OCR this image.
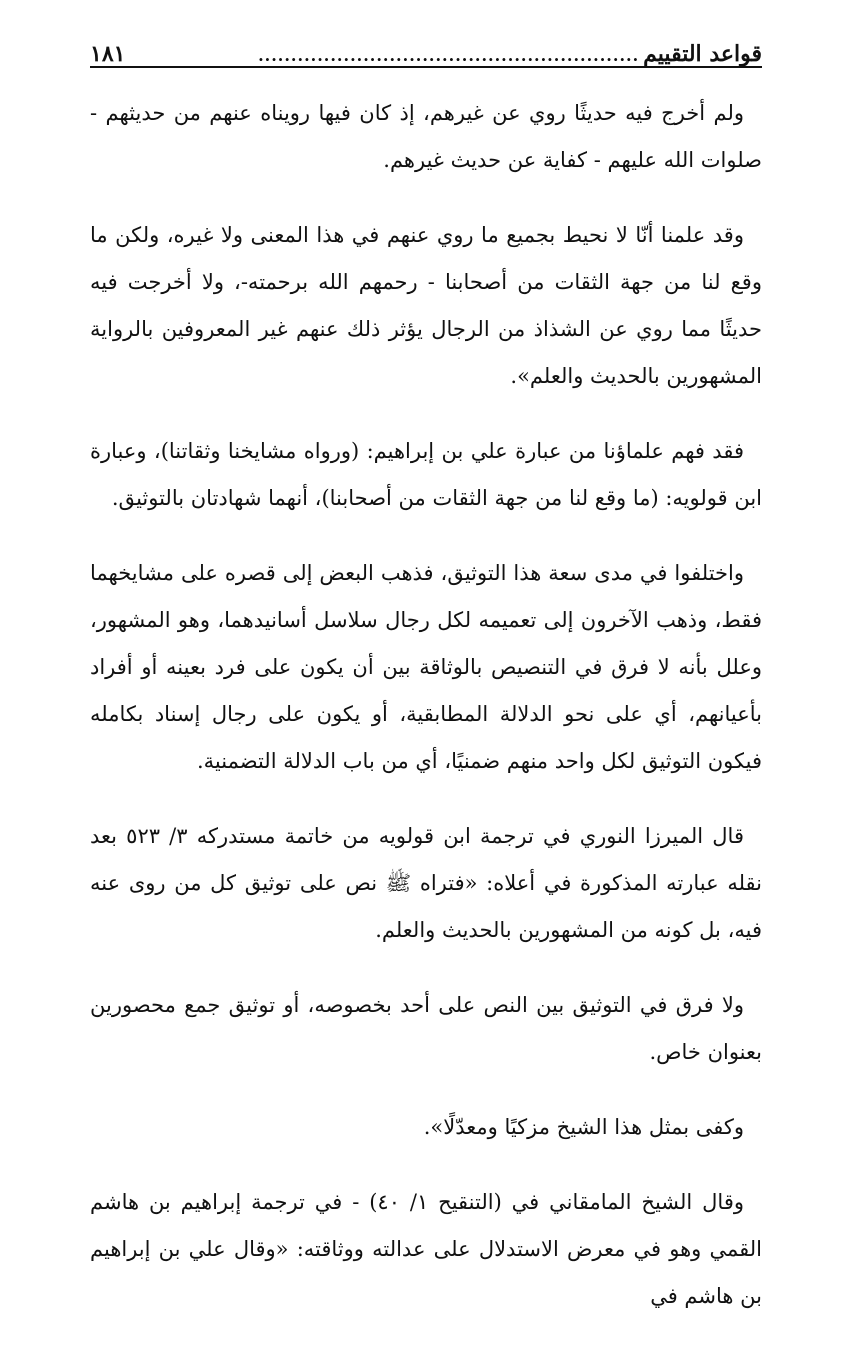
قواعد التقييم
..........................................................
١٨١

ولم أخرج فيه حديثًا روي عن غيرهم، إذ كان فيها رويناه عنهم من حديثهم - صلوات الله عليهم - كفاية عن حديث غيرهم.

وقد علمنا أنّا لا نحيط بجميع ما روي عنهم في هذا المعنى ولا غيره، ولكن ما وقع لنا من جهة الثقات من أصحابنا - رحمهم الله برحمته-، ولا أخرجت فيه حديثًا مما روي عن الشذاذ من الرجال يؤثر ذلك عنهم غير المعروفين بالرواية المشهورين بالحديث والعلم».

فقد فهم علماؤنا من عبارة علي بن إبراهيم: (ورواه مشايخنا وثقاتنا)، وعبارة ابن قولويه: (ما وقع لنا من جهة الثقات من أصحابنا)، أنهما شهادتان بالتوثيق.

واختلفوا في مدى سعة هذا التوثيق، فذهب البعض إلى قصره على مشايخهما فقط، وذهب الآخرون إلى تعميمه لكل رجال سلاسل أسانيدهما، وهو المشهور، وعلل بأنه لا فرق في التنصيص بالوثاقة بين أن يكون على فرد بعينه أو أفراد بأعيانهم، أي على نحو الدلالة المطابقية، أو يكون على رجال إسناد بكامله فيكون التوثيق لكل واحد منهم ضمنيًا، أي من باب الدلالة التضمنية.

قال الميرزا النوري في ترجمة ابن قولويه من خاتمة مستدركه ٣/ ٥٢٣ بعد نقله عبارته المذكورة في أعلاه: «فتراه ﷺ نص على توثيق كل من روى عنه فيه، بل كونه من المشهورين بالحديث والعلم.

ولا فرق في التوثيق بين النص على أحد بخصوصه، أو توثيق جمع محصورين بعنوان خاص.

وكفى بمثل هذا الشيخ مزكيًا ومعدّلًا».

وقال الشيخ المامقاني في (التنقيح ١/ ٤٠) - في ترجمة إبراهيم بن هاشم القمي وهو في معرض الاستدلال على عدالته ووثاقته: «وقال علي بن إبراهيم بن هاشم في
